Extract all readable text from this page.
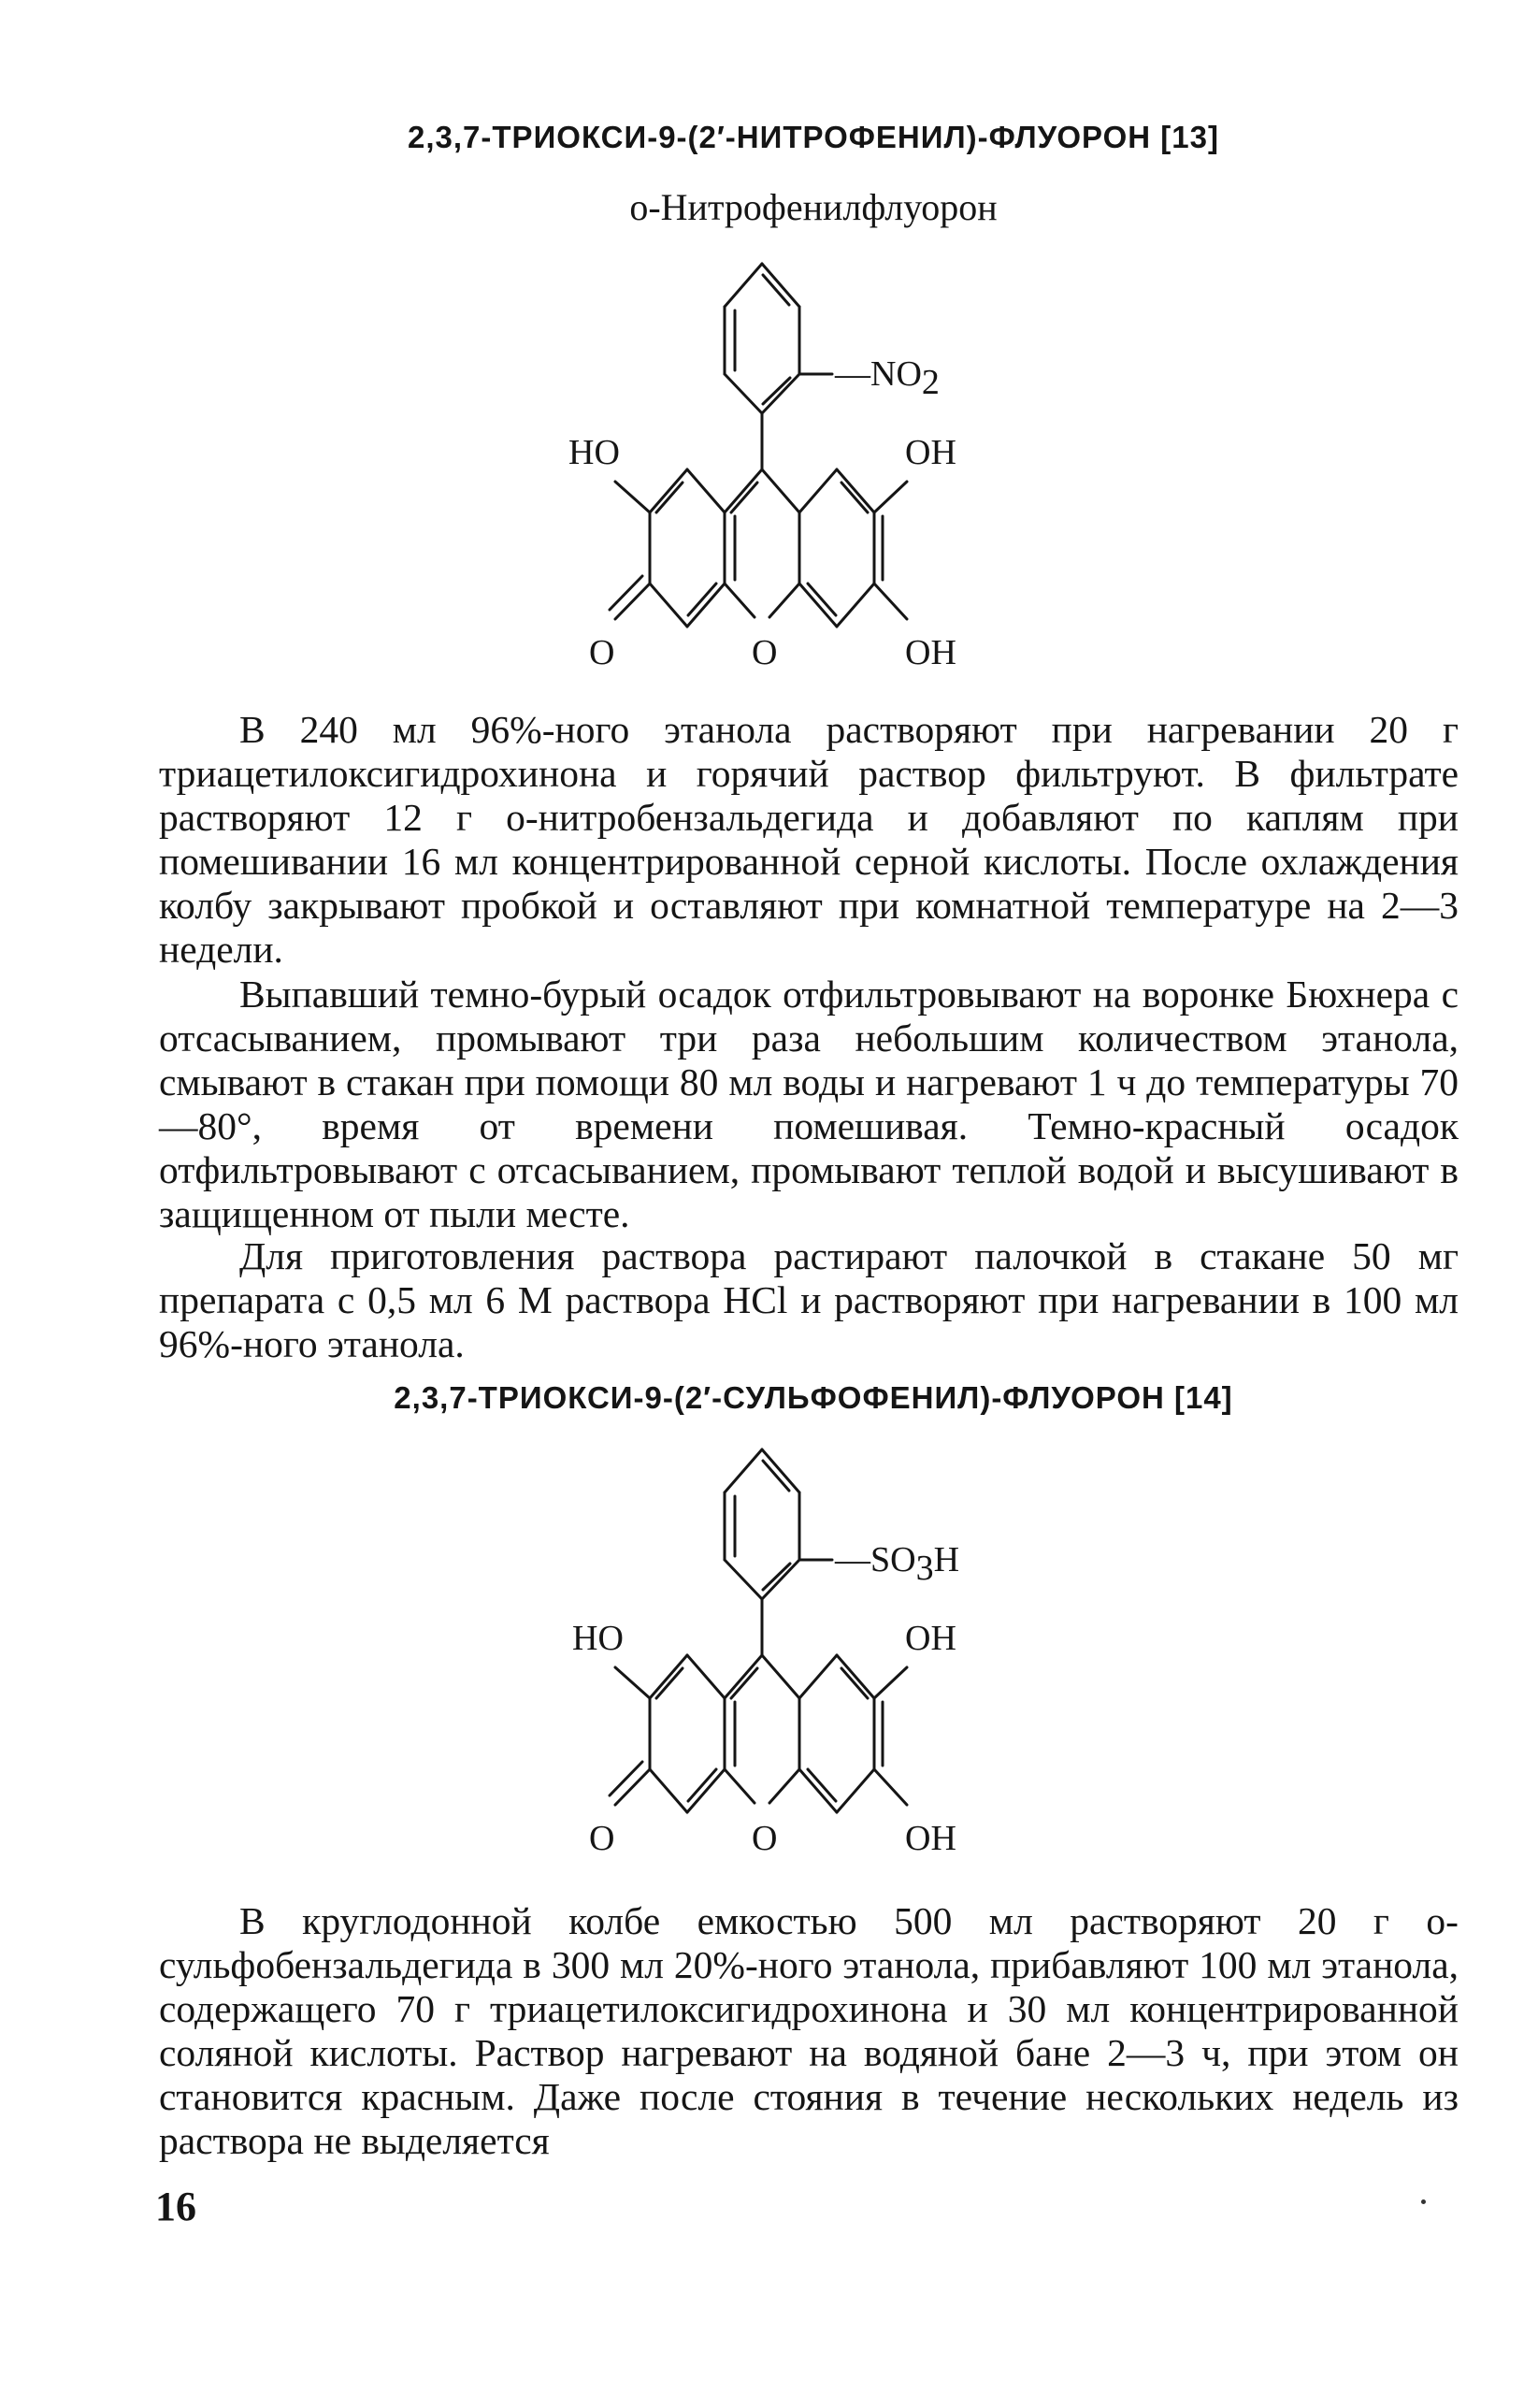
2,3,7-ТРИОКСИ-9-(2′-НИТРОФЕНИЛ)-ФЛУОРОН [13]
о-Нитрофенилфлуорон
—NO2
HO	OH
O	O	OH

В 240 мл 96%-ного этанола растворяют при нагревании 20 г триацетилоксигидрохинона и горячий раствор фильтруют. В фильтрате растворяют 12 г о-нитробензальдегида и добавляют по каплям при помешивании 16 мл концентрированной серной кислоты. После охлаждения колбу закрывают пробкой и оставляют при комнатной температуре на 2—3 недели.

Выпавший темно-бурый осадок отфильтровывают на воронке Бюхнера с отсасыванием, промывают три раза небольшим количеством этанола, смывают в стакан при помощи 80 мл воды и нагревают 1 ч до температуры 70—80°, время от времени помешивая. Темно-красный осадок отфильтровывают с отсасыванием, промывают теплой водой и высушивают в защищенном от пыли месте.

Для приготовления раствора растирают палочкой в стакане 50 мг препарата с 0,5 мл 6 М раствора HCl и растворяют при нагревании в 100 мл 96%-ного этанола.

2,3,7-ТРИОКСИ-9-(2′-СУЛЬФОФЕНИЛ)-ФЛУОРОН [14]
—SO3H
HO	OH
O	O	OH

В круглодонной колбе емкостью 500 мл растворяют 20 г о-сульфобензальдегида в 300 мл 20%-ного этанола, прибавляют 100 мл этанола, содержащего 70 г триацетилоксигидрохинона и 30 мл концентрированной соляной кислоты. Раствор нагревают на водяной бане 2—3 ч, при этом он становится красным. Даже после стояния в течение нескольких недель из раствора не выделяется

16
